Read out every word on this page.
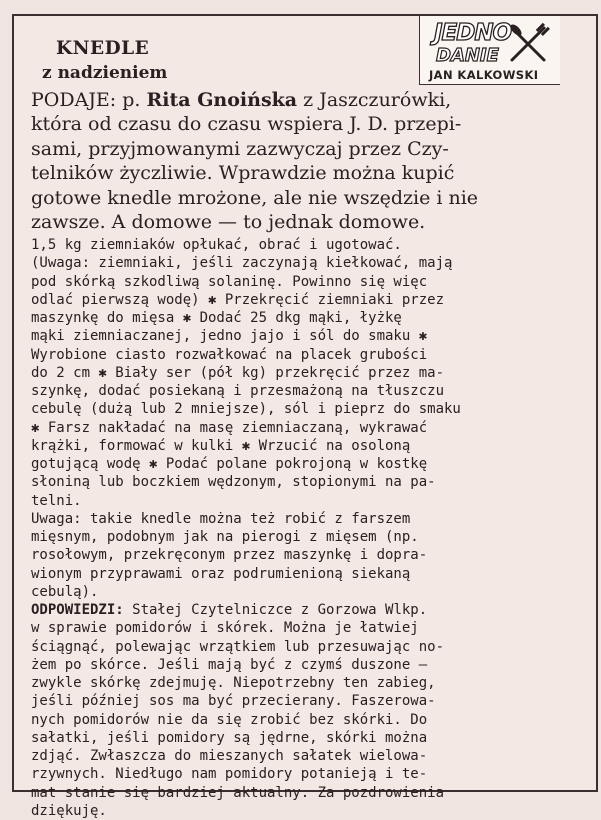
JEDNO
DANIE
JAN KALKOWSKI
KNEDLE
z nadzieniem
PODAJE: p. Rita Gnoińska z Jaszczurówki,
która od czasu do czasu wspiera J. D. przepi-
sami, przyjmowanymi zazwyczaj przez Czy-
telników życzliwie. Wprawdzie można kupić
gotowe knedle mrożone, ale nie wszędzie i nie
zawsze. A domowe — to jednak domowe.
1,5 kg ziemniaków opłukać, obrać i ugotować.
(Uwaga: ziemniaki, jeśli zaczynają kiełkować, mają
pod skórką szkodliwą solaninę. Powinno się więc
odlać pierwszą wodę) ✱ Przekręcić ziemniaki przez
maszynkę do mięsa ✱ Dodać 25 dkg mąki, łyżkę
mąki ziemniaczanej, jedno jajo i sól do smaku ✱
Wyrobione ciasto rozwałkować na placek grubości
do 2 cm ✱ Biały ser (pół kg) przekręcić przez ma-
szynkę, dodać posiekaną i przesmażoną na tłuszczu
cebulę (dużą lub 2 mniejsze), sól i pieprz do smaku
✱ Farsz nakładać na masę ziemniaczaną, wykrawać
krążki, formować w kulki ✱ Wrzucić na osoloną
gotującą wodę ✱ Podać polane pokrojoną w kostkę
słoniną lub boczkiem wędzonym, stopionymi na pa-
telni.
Uwaga: takie knedle można też robić z farszem
mięsnym, podobnym jak na pierogi z mięsem (np.
rosołowym, przekręconym przez maszynkę i dopra-
wionym przyprawami oraz podrumienioną siekaną
cebulą).
ODPOWIEDZI: Stałej Czytelniczce z Gorzowa Wlkp.
w sprawie pomidorów i skórek. Można je łatwiej
ściągnąć, polewając wrzątkiem lub przesuwając no-
żem po skórce. Jeśli mają być z czymś duszone —
zwykle skórkę zdejmuję. Niepotrzebny ten zabieg,
jeśli później sos ma być przecierany. Faszerowa-
nych pomidorów nie da się zrobić bez skórki. Do
sałatki, jeśli pomidory są jędrne, skórki można
zdjąć. Zwłaszcza do mieszanych sałatek wielowa-
rzywnych. Niedługo nam pomidory potanieją i te-
mat stanie się bardziej aktualny. Za pozdrowienia
dziękuję.
